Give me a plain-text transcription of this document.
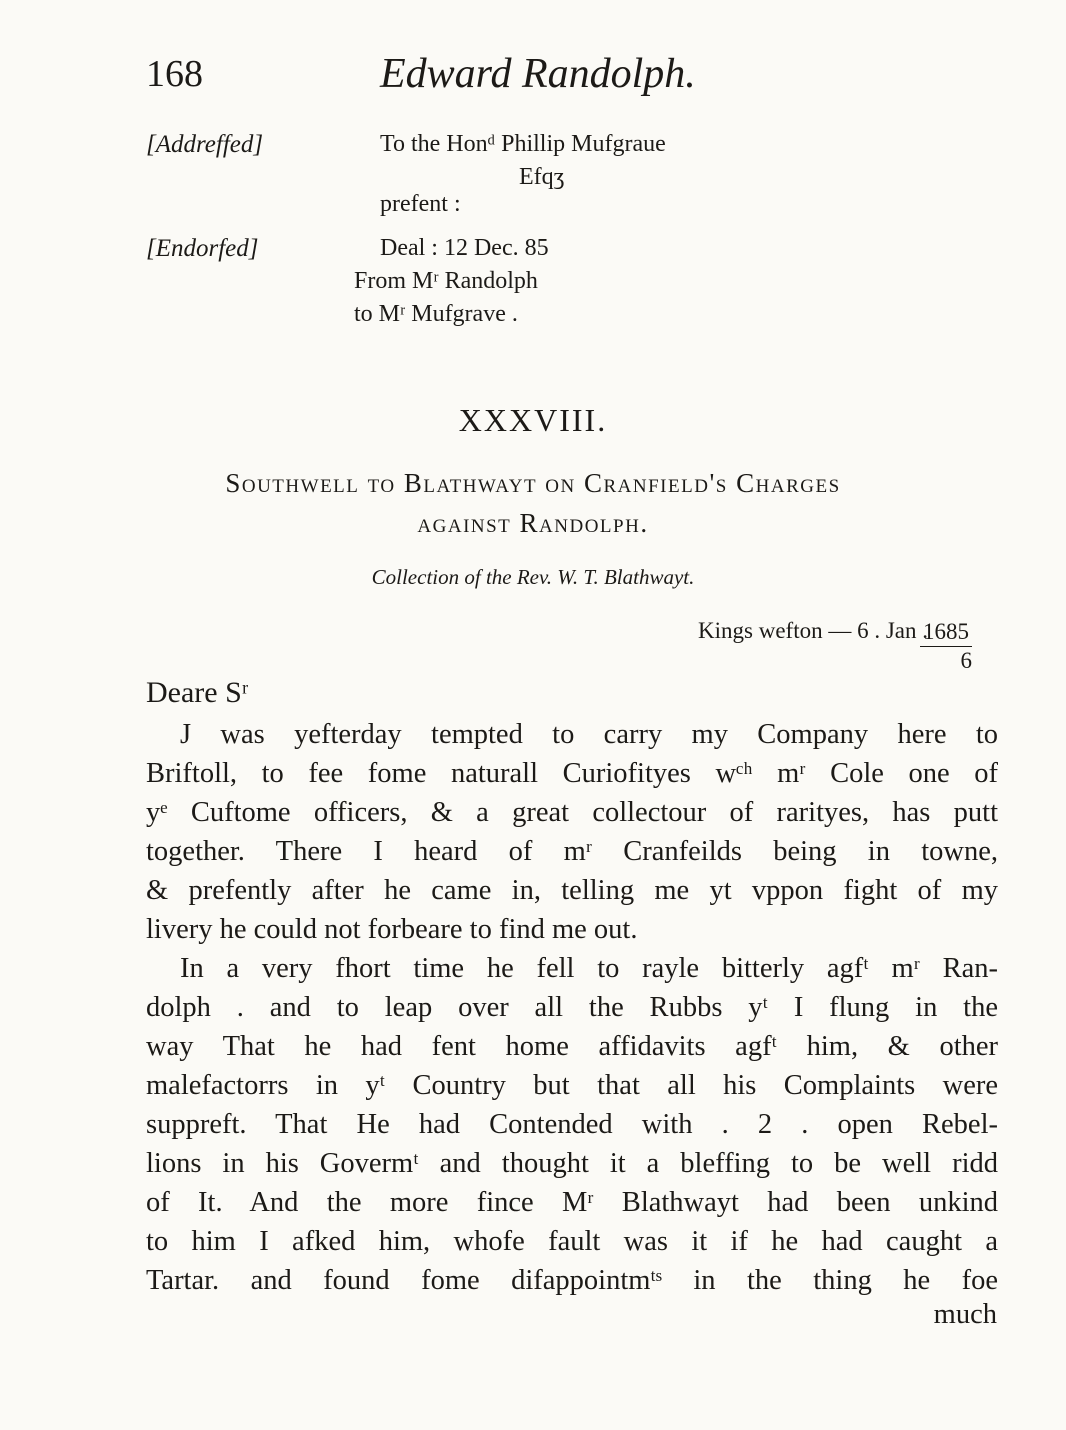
168	Edward Randolph.
[Addreffed]	To the Honᵈ Phillip Mufgraue
Efqʒ
prefent :
[Endorfed]	Deal : 12 Dec. 85
From Mʳ Randolph
to Mʳ Mufgrave .
XXXVIII.
Southwell to Blathwayt on Cranfield's Charges
against Randolph.
Collection of the Rev. W. T. Blathwayt.
Kings wefton — 6 . Jan .
$\frac{1685}{6}$
Deare Sʳ
J was yefterday tempted to carry my Company here to
Briftoll, to fee fome naturall Curiofityes wᶜʰ mʳ Cole one of
yᵉ Cuftome officers, & a great collectour of rarityes, has putt
together. There I heard of mʳ Cranfeilds being in towne,
& prefently after he came in, telling me yt vppon fight of my
livery he could not forbeare to find me out.
In a very fhort time he fell to rayle bitterly agfᵗ mʳ Ran-
dolph . and to leap over all the Rubbs yᵗ I flung in the
way That he had fent home affidavits agfᵗ him, & other
malefactorrs in yᵗ Country but that all his Complaints were
suppreft. That He had Contended with . 2 . open Rebel-
lions in his Govermᵗ and thought it a bleffing to be well ridd
of It. And the more fince Mʳ Blathwayt had been unkind
to him I afked him, whofe fault was it if he had caught a
Tartar. and found fome difappointmᵗˢ in the thing he foe
much
